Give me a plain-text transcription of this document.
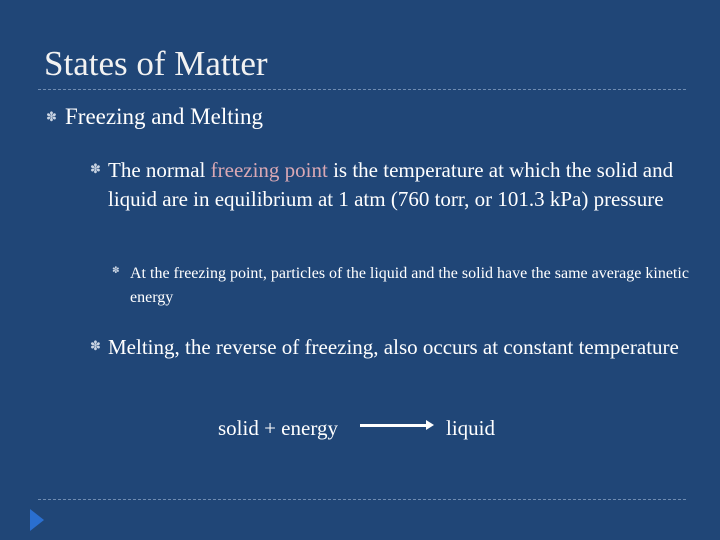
States of Matter
✽ Freezing and Melting
✽ The normal freezing point is the temperature at which the solid and liquid are in equilibrium at 1 atm (760 torr, or 101.3 kPa) pressure
✽ At the freezing point, particles of the liquid and the solid have the same average kinetic energy
✽ Melting, the reverse of freezing, also occurs at constant temperature
solid + energy	liquid
